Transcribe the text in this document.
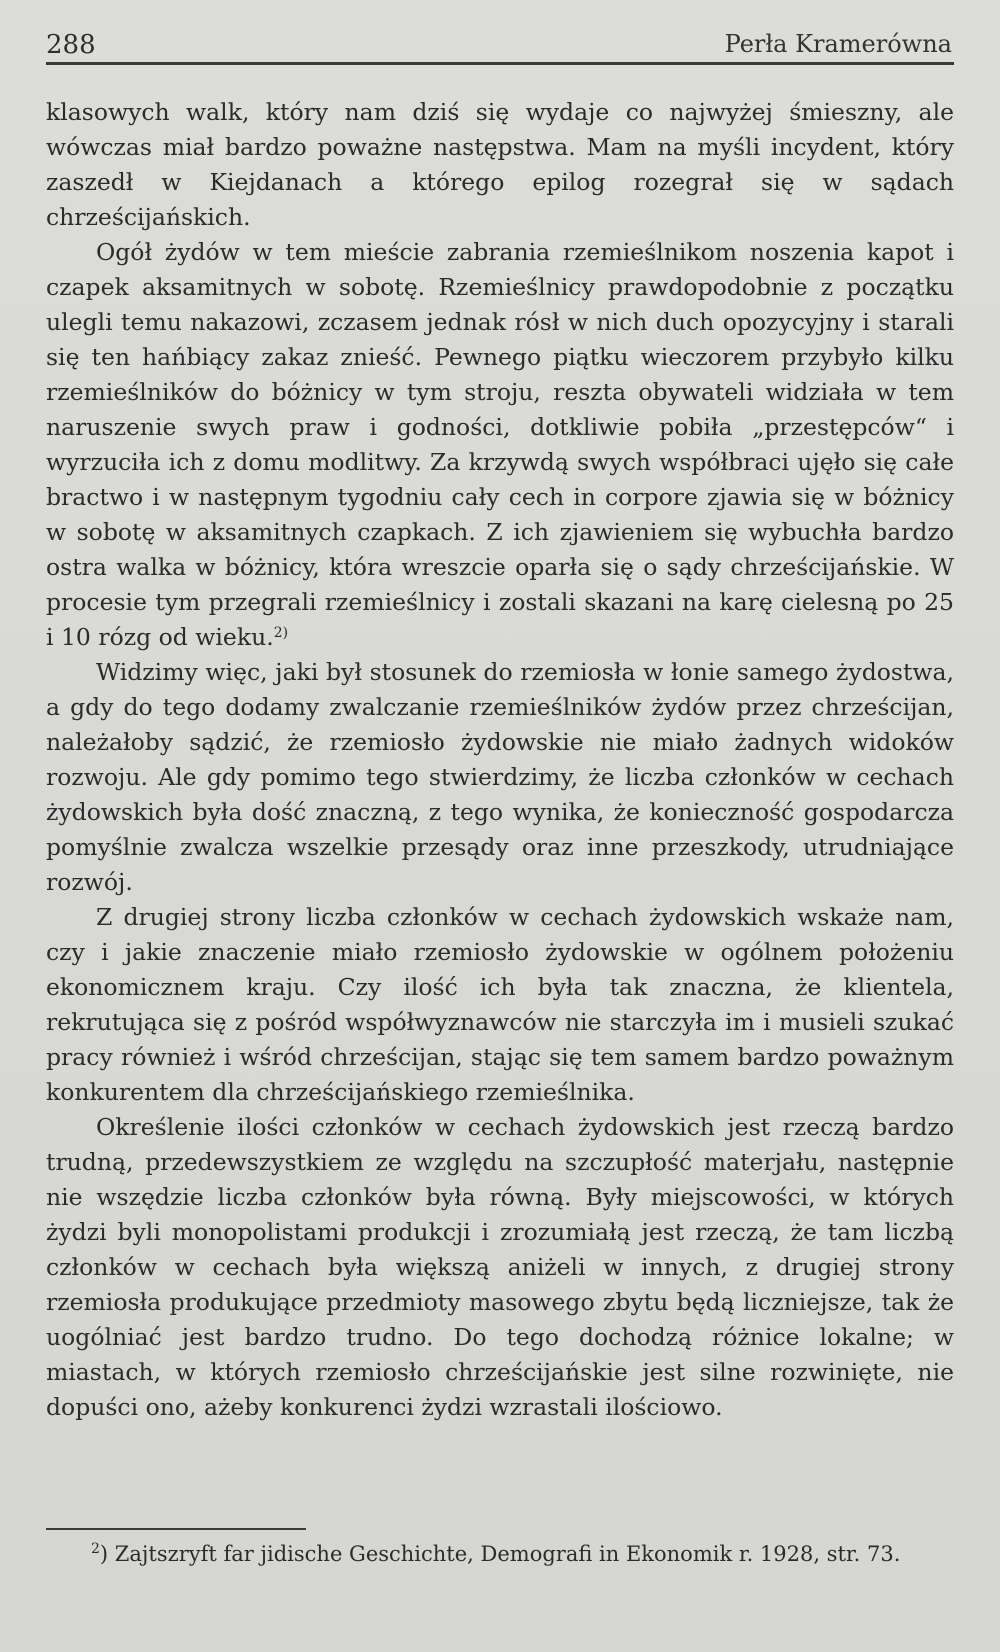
288	Perła Kramerówna

klasowych walk, który nam dziś się wydaje co najwyżej śmieszny, ale wówczas miał bardzo poważne następstwa. Mam na myśli incydent, który zaszedł w Kiejdanach a którego epilog rozegrał się w sądach chrześcijańskich.

Ogół żydów w tem mieście zabrania rzemieślnikom noszenia kapot i czapek aksamitnych w sobotę. Rzemieślnicy prawdopodobnie z początku ulegli temu nakazowi, zczasem jednak rósł w nich duch opozycyjny i starali się ten hańbiący zakaz znieść. Pewnego piątku wieczorem przybyło kilku rzemieślników do bóżnicy w tym stroju, reszta obywateli widziała w tem naruszenie swych praw i godności, dotkliwie pobiła „przestępców“ i wyrzuciła ich z domu modlitwy. Za krzywdą swych współbraci ujęło się całe bractwo i w następnym tygodniu cały cech in corpore zjawia się w bóżnicy w sobotę w aksamitnych czapkach. Z ich zjawieniem się wybuchła bardzo ostra walka w bóżnicy, która wreszcie oparła się o sądy chrześcijańskie. W procesie tym przegrali rzemieślnicy i zostali skazani na karę cielesną po 25 i 10 rózg od wieku.$^{2)}$

Widzimy więc, jaki był stosunek do rzemiosła w łonie samego żydostwa, a gdy do tego dodamy zwalczanie rzemieślników żydów przez chrześcijan, należałoby sądzić, że rzemiosło żydowskie nie miało żadnych widoków rozwoju. Ale gdy pomimo tego stwierdzimy, że liczba członków w cechach żydowskich była dość znaczną, z tego wynika, że konieczność gospodarcza pomyślnie zwalcza wszelkie przesądy oraz inne przeszkody, utrudniające rozwój.

Z drugiej strony liczba członków w cechach żydowskich wskaże nam, czy i jakie znaczenie miało rzemiosło żydowskie w ogólnem położeniu ekonomicznem kraju. Czy ilość ich była tak znaczna, że klientela, rekrutująca się z pośród współwyznawców nie starczyła im i musieli szukać pracy również i wśród chrześcijan, stając się tem samem bardzo poważnym konkurentem dla chrześcijańskiego rzemieślnika.

Określenie ilości członków w cechach żydowskich jest rzeczą bardzo trudną, przedewszystkiem ze względu na szczupłość materjału, następnie nie wszędzie liczba członków była równą. Były miejscowości, w których żydzi byli monopolistami produkcji i zrozumiałą jest rzeczą, że tam liczbą członków w cechach była większą aniżeli w innych, z drugiej strony rzemiosła produkujące przedmioty masowego zbytu będą liczniejsze, tak że uogólniać jest bardzo trudno. Do tego dochodzą różnice lokalne; w miastach, w których rzemiosło chrześcijańskie jest silne rozwinięte, nie dopuści ono, ażeby konkurenci żydzi wzrastali ilościowo.

$^2$) Zajtszryft far jidische Geschichte, Demografi in Ekonomik r. 1928, str. 73.
